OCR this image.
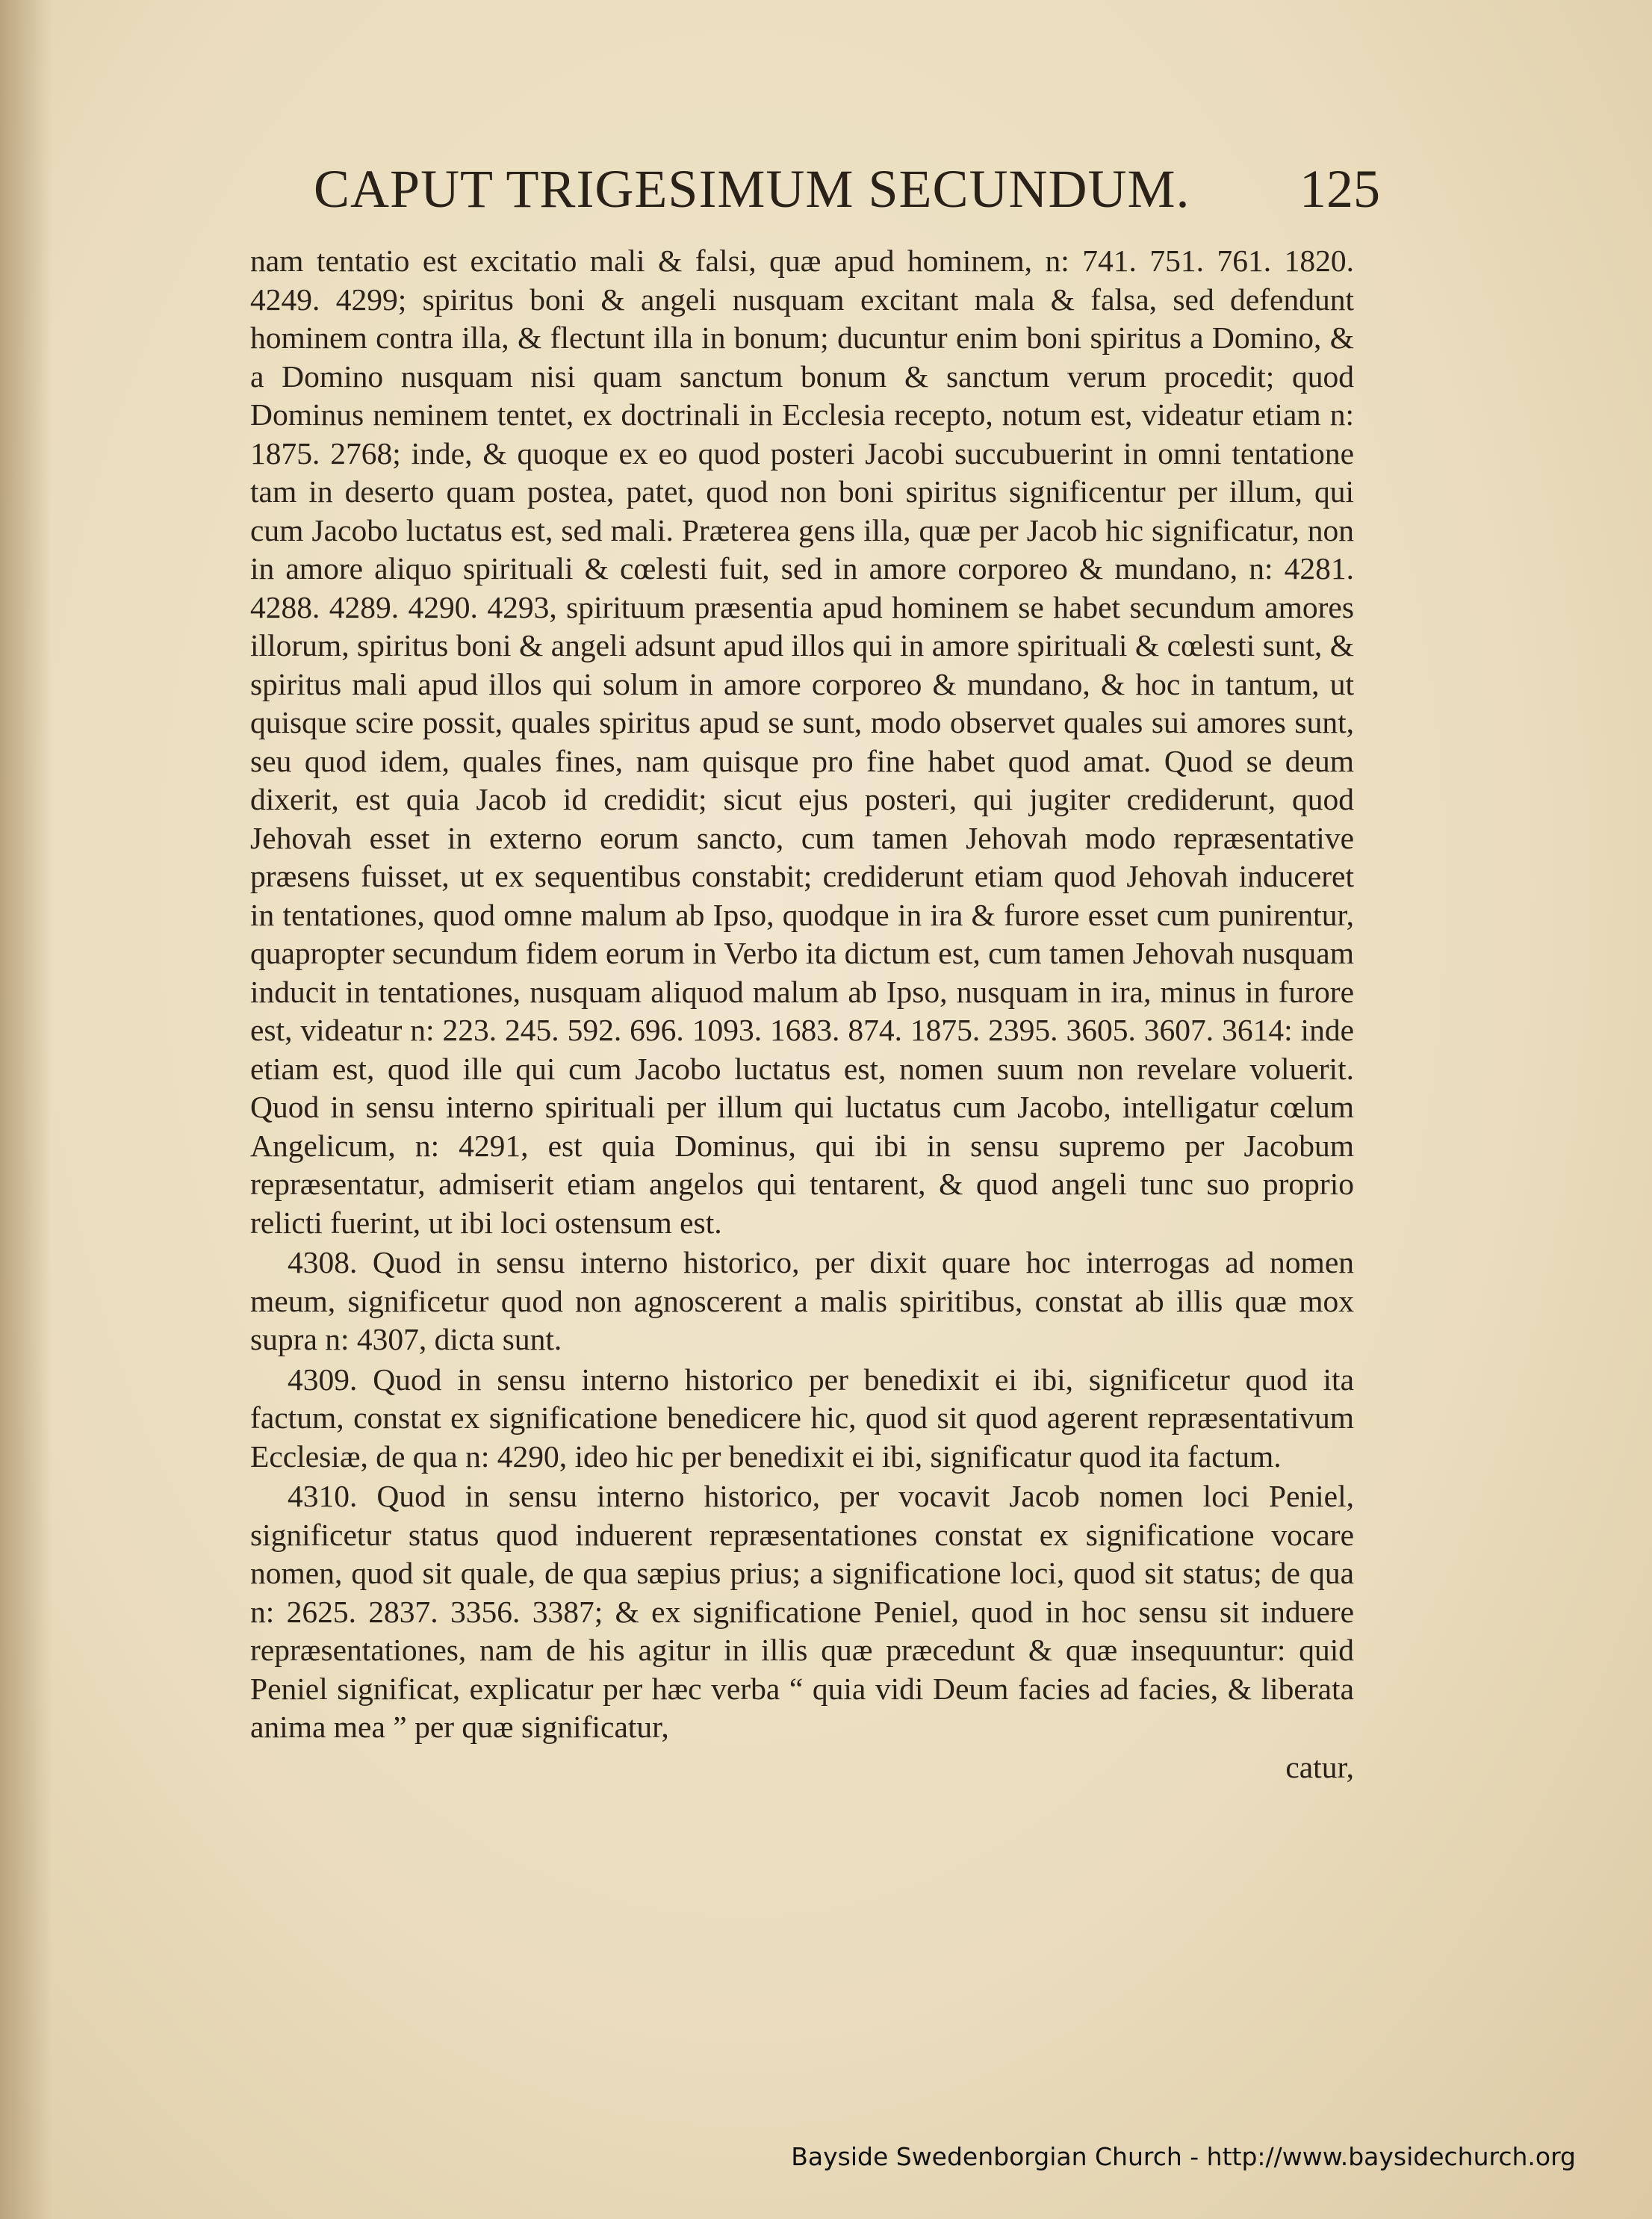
CAPUT TRIGESIMUM SECUNDUM. 125

nam tentatio est excitatio mali & falsi, quæ apud hominem, n: 741. 751. 761. 1820. 4249. 4299; spiritus boni & angeli nusquam excitant mala & falsa, sed defendunt hominem contra illa, & flectunt illa in bonum; ducuntur enim boni spiritus a Domino, & a Domino nusquam nisi quam sanctum bonum & sanctum verum procedit; quod Dominus neminem tentet, ex doctrinali in Ecclesia recepto, notum est, videatur etiam n: 1875. 2768; inde, & quoque ex eo quod posteri Jacobi succubuerint in omni tentatione tam in deserto quam postea, patet, quod non boni spiritus significentur per illum, qui cum Jacobo luctatus est, sed mali. Præterea gens illa, quæ per Jacob hic significatur, non in amore aliquo spirituali & cœlesti fuit, sed in amore corporeo & mundano, n: 4281. 4288. 4289. 4290. 4293, spirituum præsentia apud hominem se habet secundum amores illorum, spiritus boni & angeli adsunt apud illos qui in amore spirituali & cœlesti sunt, & spiritus mali apud illos qui solum in amore corporeo & mundano, & hoc in tantum, ut quisque scire possit, quales spiritus apud se sunt, modo observet quales sui amores sunt, seu quod idem, quales fines, nam quisque pro fine habet quod amat. Quod se deum dixerit, est quia Jacob id credidit; sicut ejus posteri, qui jugiter crediderunt, quod Jehovah esset in externo eorum sancto, cum tamen Jehovah modo repræsentative præsens fuisset, ut ex sequentibus constabit; crediderunt etiam quod Jehovah induceret in tentationes, quod omne malum ab Ipso, quodque in ira & furore esset cum punirentur, quapropter secundum fidem eorum in Verbo ita dictum est, cum tamen Jehovah nusquam inducit in tentationes, nusquam aliquod malum ab Ipso, nusquam in ira, minus in furore est, videatur n: 223. 245. 592. 696. 1093. 1683. 874. 1875. 2395. 3605. 3607. 3614: inde etiam est, quod ille qui cum Jacobo luctatus est, nomen suum non revelare voluerit. Quod in sensu interno spirituali per illum qui luctatus cum Jacobo, intelligatur cœlum Angelicum, n: 4291, est quia Dominus, qui ibi in sensu supremo per Jacobum repræsentatur, admiserit etiam angelos qui tentarent, & quod angeli tunc suo proprio relicti fuerint, ut ibi loci ostensum est.

4308. Quod in sensu interno historico, per dixit quare hoc interrogas ad nomen meum, significetur quod non agnoscerent a malis spiritibus, constat ab illis quæ mox supra n: 4307, dicta sunt.

4309. Quod in sensu interno historico per benedixit ei ibi, significetur quod ita factum, constat ex significatione benedicere hic, quod sit quod agerent repræsentativum Ecclesiæ, de qua n: 4290, ideo hic per benedixit ei ibi, significatur quod ita factum.

4310. Quod in sensu interno historico, per vocavit Jacob nomen loci Peniel, significetur status quod induerent repræsentationes constat ex significatione vocare nomen, quod sit quale, de qua sæpius prius; a significatione loci, quod sit status; de qua n: 2625. 2837. 3356. 3387; & ex significatione Peniel, quod in hoc sensu sit induere repræsentationes, nam de his agitur in illis quæ præcedunt & quæ insequuntur: quid Peniel significat, explicatur per hæc verba “ quia vidi Deum facies ad facies, & liberata anima mea ” per quæ significatur,

catur,

Bayside Swedenborgian Church - http://www.baysidechurch.org
